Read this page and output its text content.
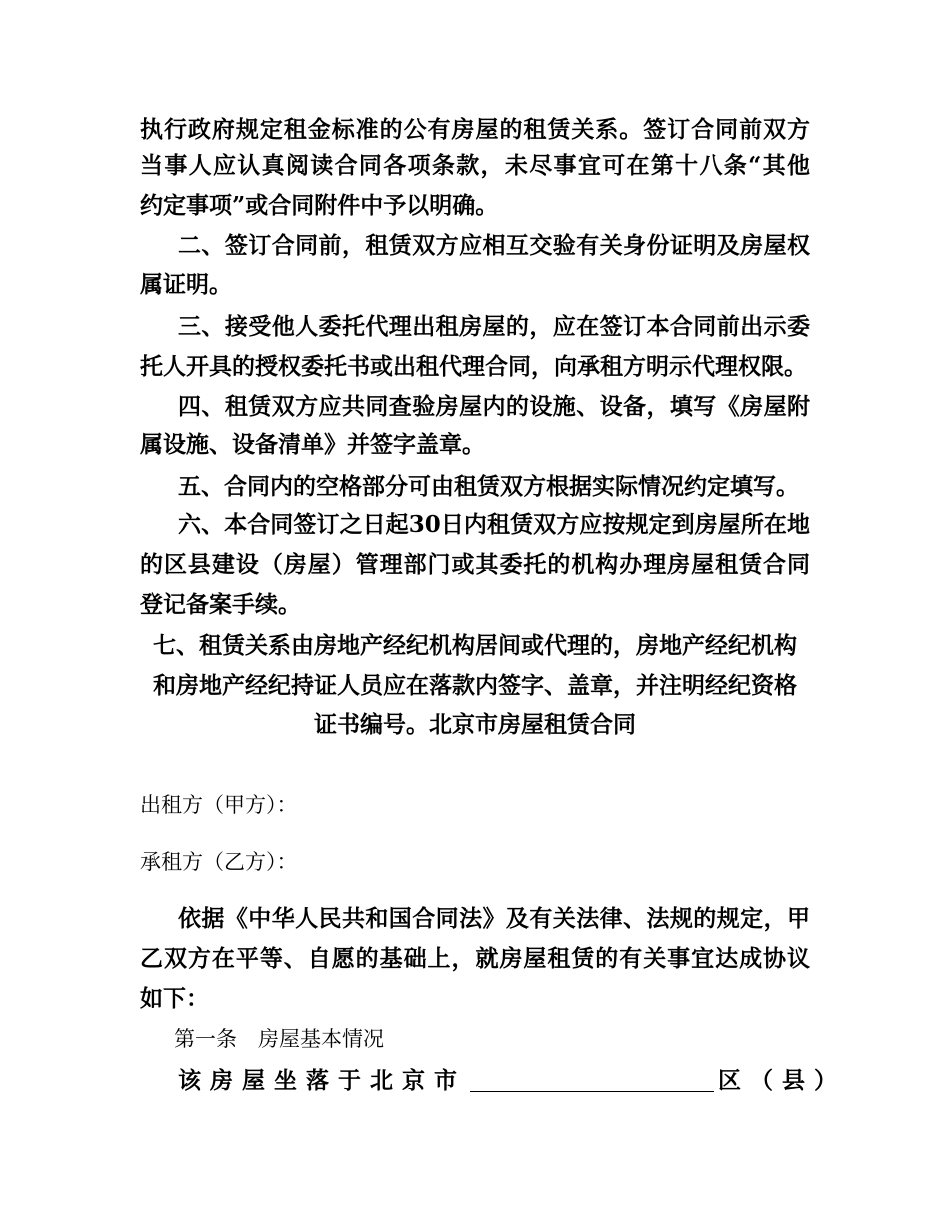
执行政府规定租金标准的公有房屋的租赁关系。签订合同前双方
当事人应认真阅读合同各项条款，未尽事宜可在第十八条“其他
约定事项”或合同附件中予以明确。
二、签订合同前，租赁双方应相互交验有关身份证明及房屋权
属证明。
三、接受他人委托代理出租房屋的，应在签订本合同前出示委
托人开具的授权委托书或出租代理合同，向承租方明示代理权限。
四、租赁双方应共同查验房屋内的设施、设备，填写《房屋附
属设施、设备清单》并签字盖章。
五、合同内的空格部分可由租赁双方根据实际情况约定填写。
六、本合同签订之日起30日内租赁双方应按规定到房屋所在地
的区县建设（房屋）管理部门或其委托的机构办理房屋租赁合同
登记备案手续。
七、租赁关系由房地产经纪机构居间或代理的，房地产经纪机构
和房地产经纪持证人员应在落款内签字、盖章，并注明经纪资格
证书编号。北京市房屋租赁合同
出租方（甲方）：
承租方（乙方）：
依据《中华人民共和国合同法》及有关法律、法规的规定，甲
乙双方在平等、自愿的基础上，就房屋租赁的有关事宜达成协议
如下：
第一条　房屋基本情况
该房屋坐落于北京市	区（县）
